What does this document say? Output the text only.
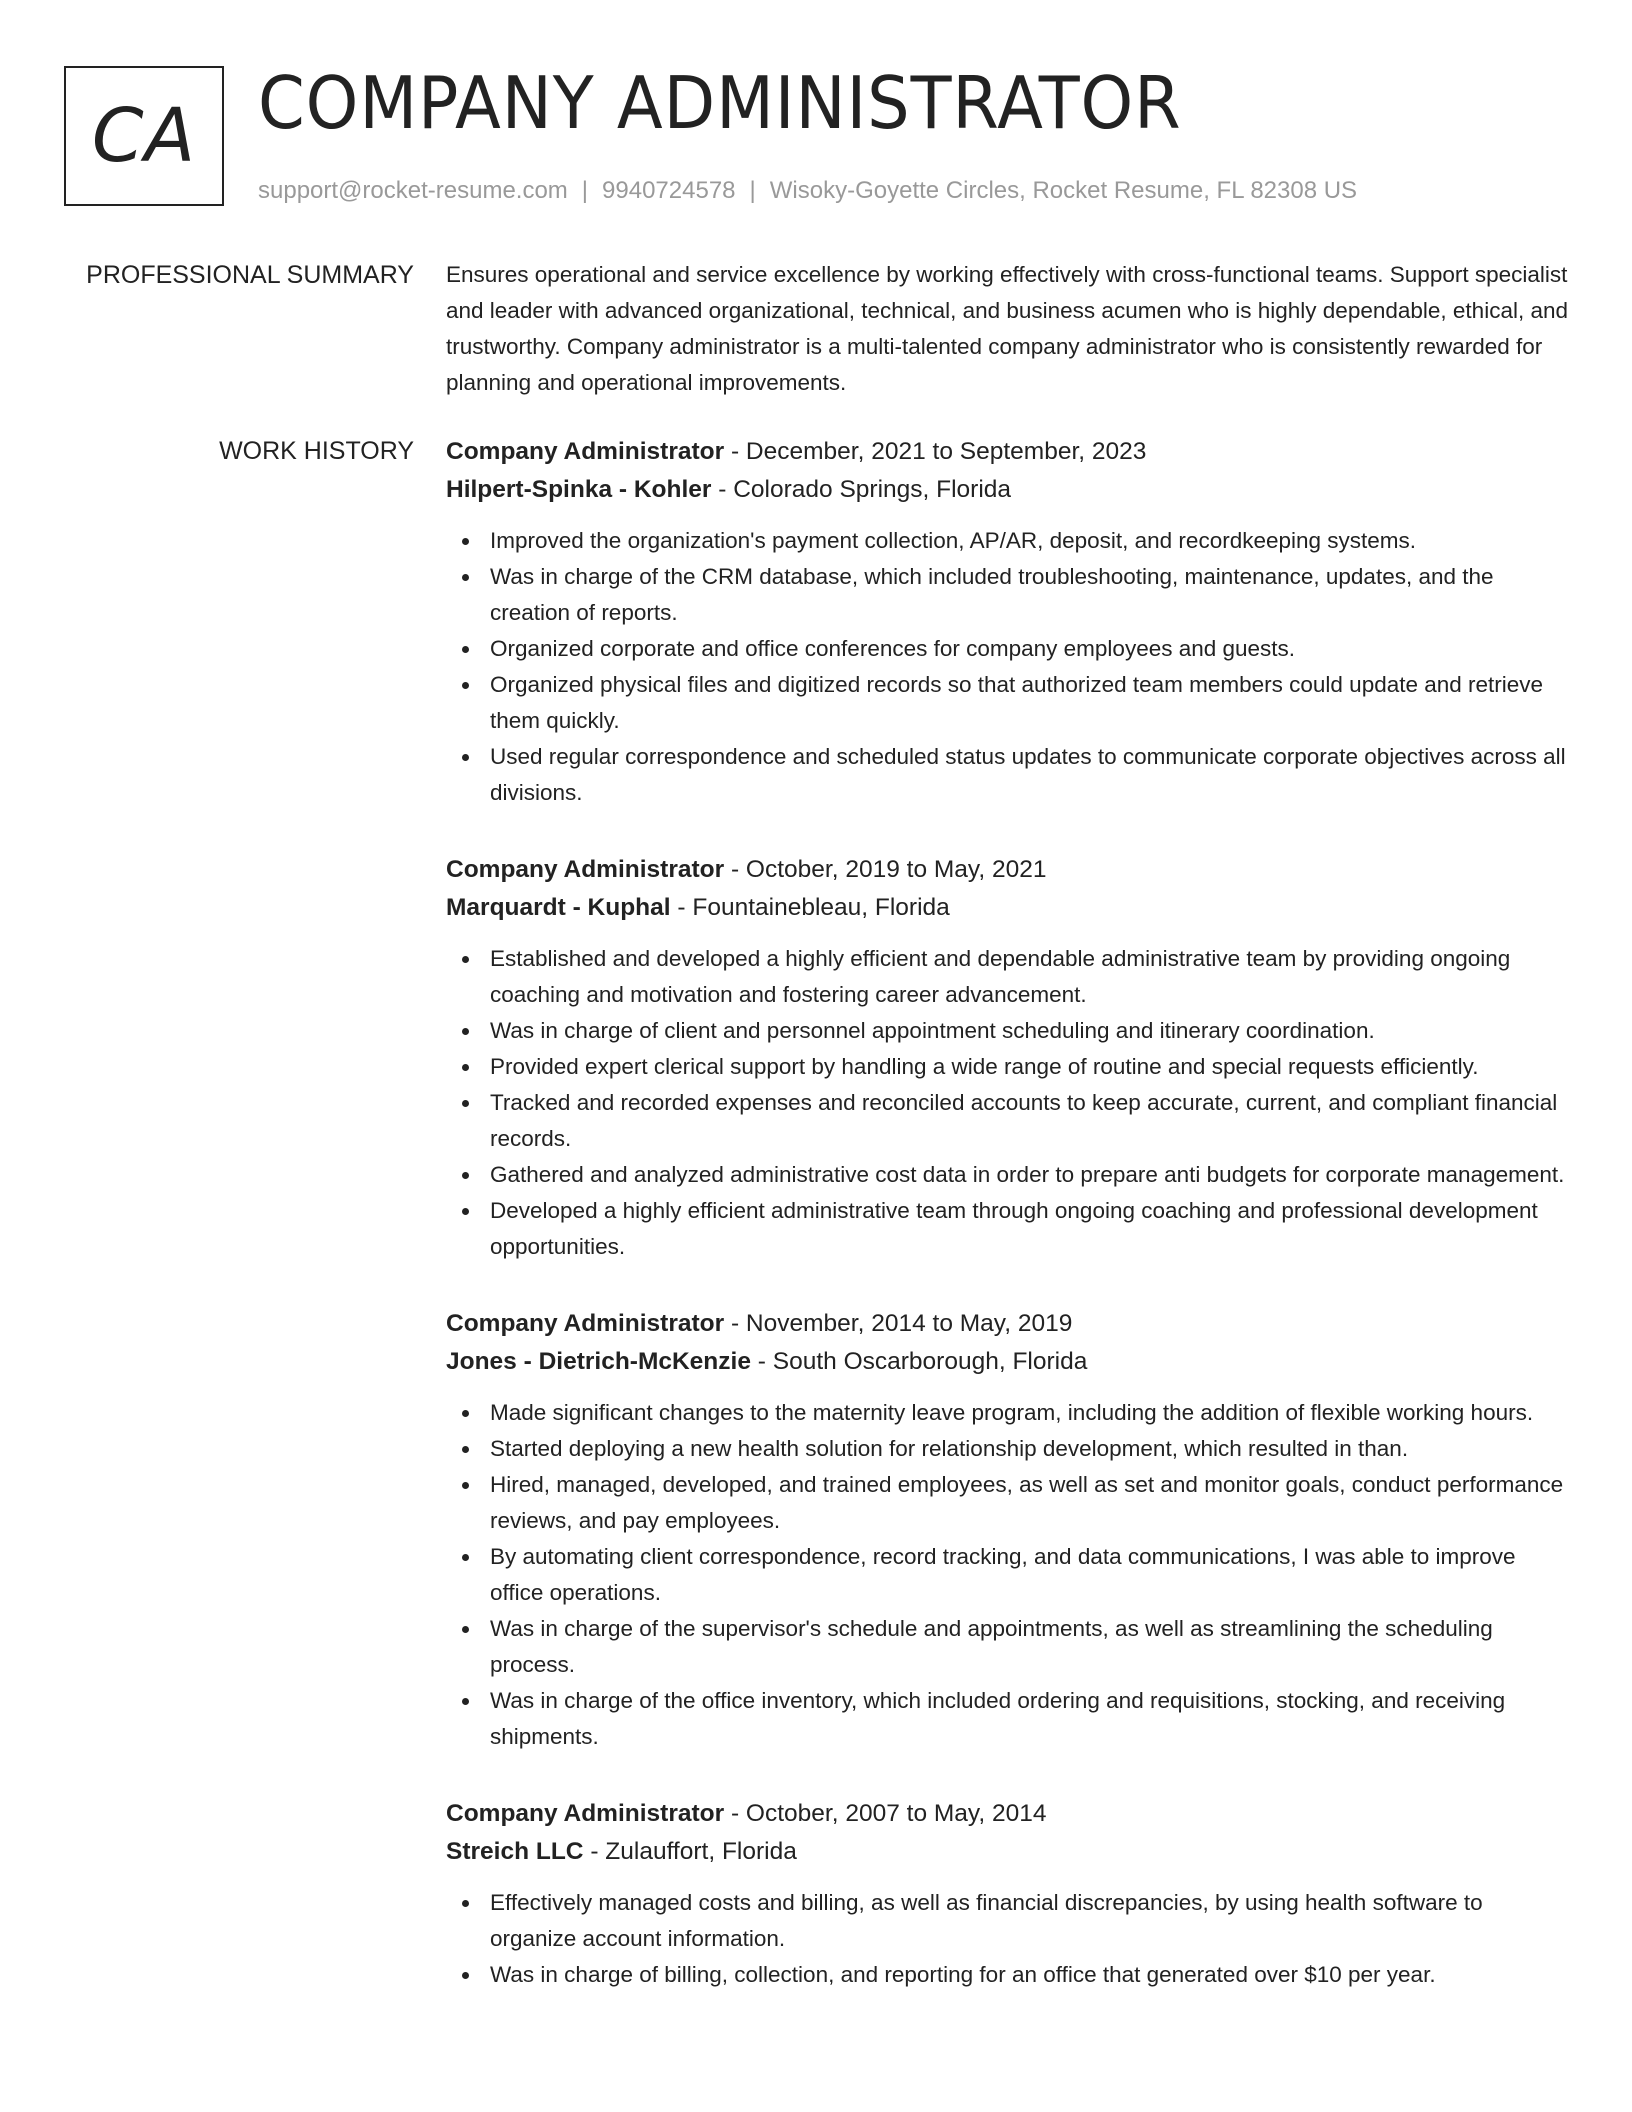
CA COMPANY ADMINISTRATOR
support@rocket-resume.com | 9940724578 | Wisoky-Goyette Circles, Rocket Resume, FL 82308 US
PROFESSIONAL SUMMARY Ensures operational and service excellence by working effectively with cross-functional teams. Support specialist and leader with advanced organizational, technical, and business acumen who is highly dependable, ethical, and trustworthy. Company administrator is a multi-talented company administrator who is consistently rewarded for planning and operational improvements.

WORK HISTORY Company Administrator - December, 2021 to September, 2023
Hilpert-Spinka - Kohler - Colorado Springs, Florida
Improved the organization's payment collection, AP/AR, deposit, and recordkeeping systems.
Was in charge of the CRM database, which included troubleshooting, maintenance, updates, and the creation of reports.
Organized corporate and office conferences for company employees and guests.
Organized physical files and digitized records so that authorized team members could update and retrieve them quickly.
Used regular correspondence and scheduled status updates to communicate corporate objectives across all divisions.
Company Administrator - October, 2019 to May, 2021
Marquardt - Kuphal - Fountainebleau, Florida
Established and developed a highly efficient and dependable administrative team by providing ongoing coaching and motivation and fostering career advancement.
Was in charge of client and personnel appointment scheduling and itinerary coordination.
Provided expert clerical support by handling a wide range of routine and special requests efficiently.
Tracked and recorded expenses and reconciled accounts to keep accurate, current, and compliant financial records.
Gathered and analyzed administrative cost data in order to prepare anti budgets for corporate management.
Developed a highly efficient administrative team through ongoing coaching and professional development opportunities.
Company Administrator - November, 2014 to May, 2019
Jones - Dietrich-McKenzie - South Oscarborough, Florida
Made significant changes to the maternity leave program, including the addition of flexible working hours.
Started deploying a new health solution for relationship development, which resulted in than.
Hired, managed, developed, and trained employees, as well as set and monitor goals, conduct performance reviews, and pay employees.
By automating client correspondence, record tracking, and data communications, I was able to improve office operations.
Was in charge of the supervisor's schedule and appointments, as well as streamlining the scheduling process.
Was in charge of the office inventory, which included ordering and requisitions, stocking, and receiving shipments.
Company Administrator - October, 2007 to May, 2014
Streich LLC - Zulauffort, Florida
Effectively managed costs and billing, as well as financial discrepancies, by using health software to organize account information.
Was in charge of billing, collection, and reporting for an office that generated over $10 per year.
